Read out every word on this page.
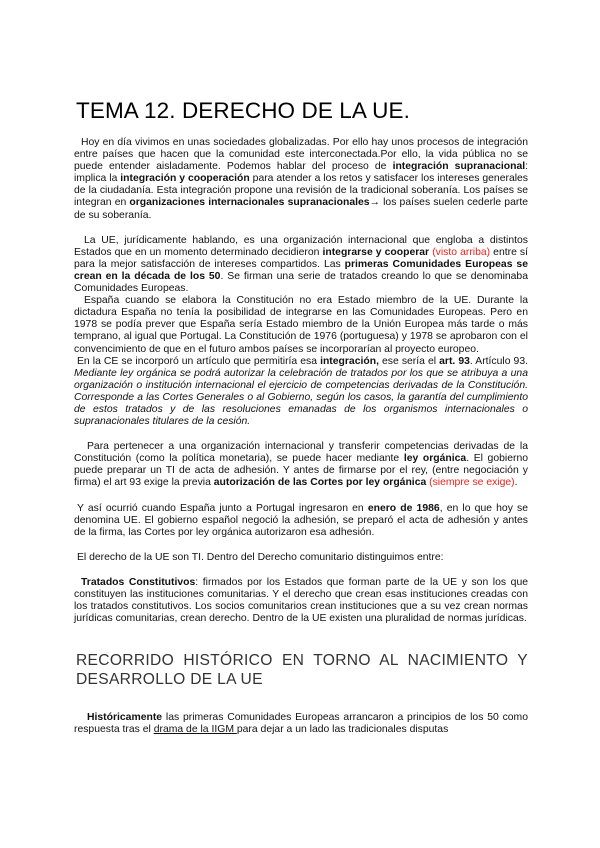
TEMA 12. DERECHO DE LA UE.

Hoy en día vivimos en unas sociedades globalizadas. Por ello hay unos procesos de integración entre países que hacen que la comunidad este interconectada.Por ello, la vida pública no se puede entender aisladamente. Podemos hablar del proceso de integración supranacional: implica la integración y cooperación para atender a los retos y satisfacer los intereses generales de la ciudadanía. Esta integración propone una revisión de la tradicional soberanía. Los países se integran en organizaciones internacionales supranacionales→ los países suelen cederle parte de su soberanía.

La UE, jurídicamente hablando, es una organización internacional que engloba a distintos Estados que en un momento determinado decidieron integrarse y cooperar (visto arriba) entre sí para la mejor satisfacción de intereses compartidos. Las primeras Comunidades Europeas se crean en la década de los 50. Se firman una serie de tratados creando lo que se denominaba Comunidades Europeas.

España cuando se elabora la Constitución no era Estado miembro de la UE. Durante la dictadura España no tenía la posibilidad de integrarse en las Comunidades Europeas. Pero en 1978 se podía prever que España sería Estado miembro de la Unión Europea más tarde o más temprano, al igual que Portugal. La Constitución de 1976 (portuguesa) y 1978 se aprobaron con el convencimiento de que en el futuro ambos países se incorporarían al proyecto europeo.

En la CE se incorporó un artículo que permitiría esa integración, ese sería el art. 93. Artículo 93. Mediante ley orgánica se podrá autorizar la celebración de tratados por los que se atribuya a una organización o institución internacional el ejercicio de competencias derivadas de la Constitución. Corresponde a las Cortes Generales o al Gobierno, según los casos, la garantía del cumplimiento de estos tratados y de las resoluciones emanadas de los organismos internacionales o supranacionales titulares de la cesión.

Para pertenecer a una organización internacional y transferir competencias derivadas de la Constitución (como la política monetaria), se puede hacer mediante ley orgánica. El gobierno puede preparar un TI de acta de adhesión. Y antes de firmarse por el rey, (entre negociación y firma) el art 93 exige la previa autorización de las Cortes por ley orgánica (siempre se exige).

Y así ocurrió cuando España junto a Portugal ingresaron en enero de 1986, en lo que hoy se denomina UE. El gobierno español negoció la adhesión, se preparó el acta de adhesión y antes de la firma, las Cortes por ley orgánica autorizaron esa adhesión.

El derecho de la UE son TI. Dentro del Derecho comunitario distinguimos entre:

Tratados Constitutivos: firmados por los Estados que forman parte de la UE y son los que constituyen las instituciones comunitarias. Y el derecho que crean esas instituciones creadas con los tratados constitutivos. Los socios comunitarios crean instituciones que a su vez crean normas jurídicas comunitarias, crean derecho. Dentro de la UE existen una pluralidad de normas jurídicas.

RECORRIDO HISTÓRICO EN TORNO AL NACIMIENTO Y DESARROLLO DE LA UE

Históricamente las primeras Comunidades Europeas arrancaron a principios de los 50 como respuesta tras el drama de la IIGM para dejar a un lado las tradicionales disputas
